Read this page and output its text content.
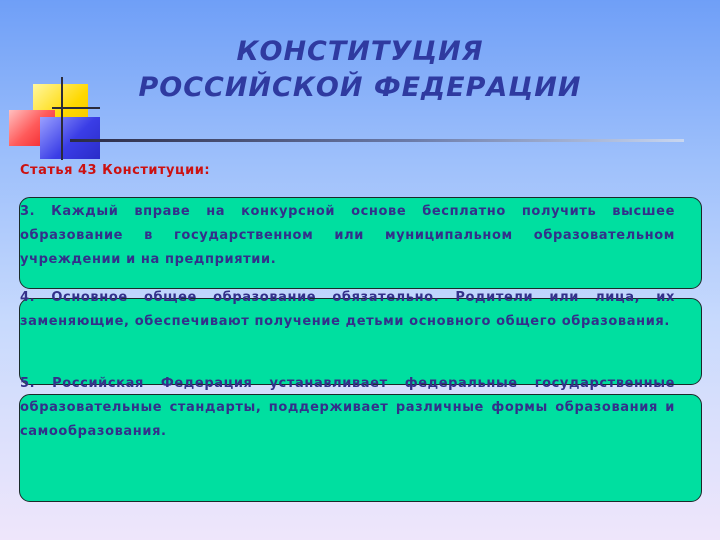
КОНСТИТУЦИЯ
РОССИЙСКОЙ ФЕДЕРАЦИИ
Статья 43 Конституции:
3. Каждый вправе на конкурсной основе бесплатно получить высшее образование в государственном или муниципальном образовательном учреждении и на предприятии.
4. Основное общее образование обязательно. Родители или лица, их заменяющие, обеспечивают получение детьми основного общего образования.
5. Российская Федерация устанавливает федеральные государственные образовательные стандарты, поддерживает различные формы образования и самообразования.
